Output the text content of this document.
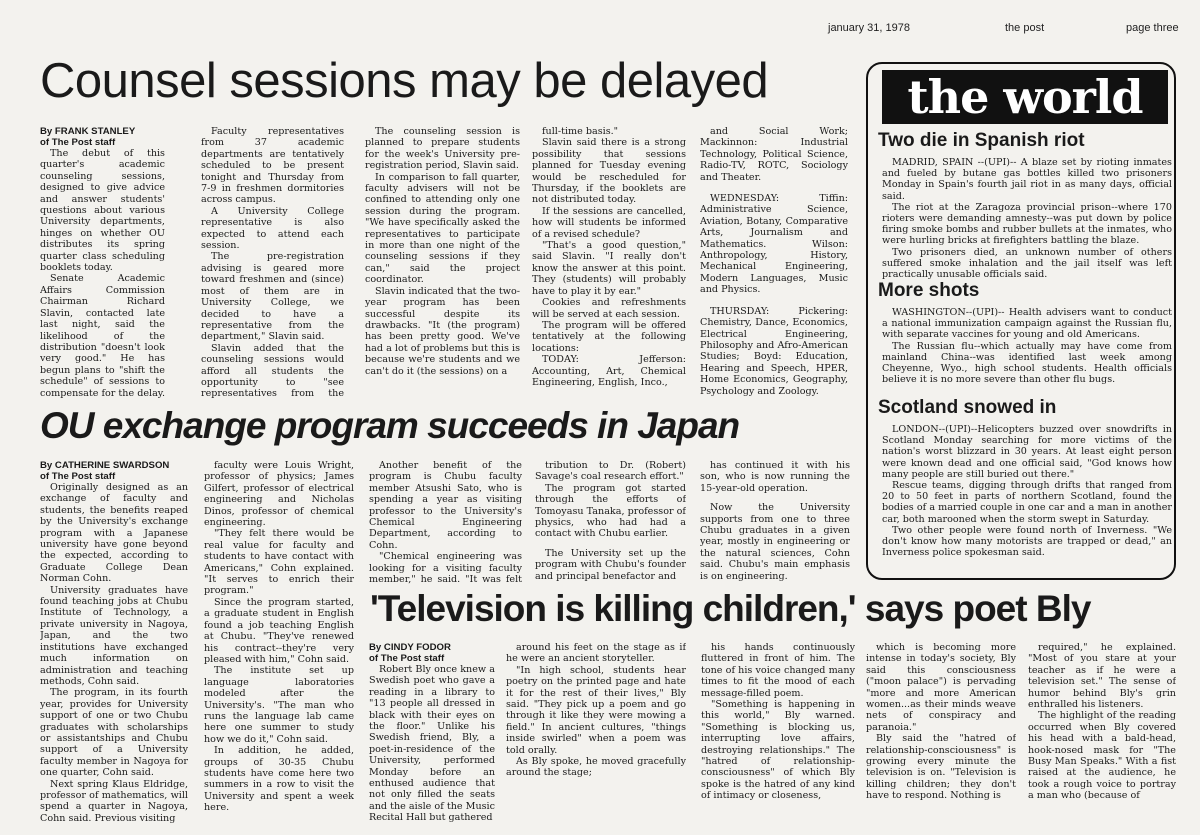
january 31, 1978	the post	page three
Counsel sessions may be delayed

By FRANK STANLEY

of The Post staff

The debut of this quarter's academic counseling sessions, designed to give advice and answer students' questions about various University departments, hinges on whether OU distributes its spring quarter class scheduling booklets today.

Senate Academic Affairs Commission Chairman Richard Slavin, contacted late last night, said the likelihood of the distribution "doesn't look very good." He has begun plans to "shift the schedule" of sessions to compensate for the delay.

Faculty representatives from 37 academic departments are tentatively scheduled to be present tonight and Thursday from 7-9 in freshmen dormitories across campus.

A University College representative is also expected to attend each session.

The pre-registration advising is geared more toward freshmen and (since) most of them are in University College, we decided to have a representative from the department," Slavin said.

Slavin added that the counseling sessions would afford all students the opportunity to "see representatives from the

The counseling session is planned to prepare students for the week's University pre-registration period, Slavin said.

In comparison to fall quarter, faculty advisers will not be confined to attending only one session during the program. "We have specifically asked the representatives to participate in more than one night of the counseling sessions if they can," said the project coordinator.

Slavin indicated that the two-year program has been successful despite its drawbacks. "It (the program) has been pretty good. We've had a lot of problems but this is because we're students and we can't do it (the sessions) on a

full-time basis."

Slavin said there is a strong possibility that sessions planned for Tuesday evening would be rescheduled for Thursday, if the booklets are not distributed today.

If the sessions are cancelled, how will students be informed of a revised schedule?

"That's a good question," said Slavin. "I really don't know the answer at this point. They (students) will probably have to play it by ear."

Cookies and refreshments will be served at each session.

The program will be offered tentatively at the following locations:

TODAY: Jefferson: Accounting, Art, Chemical Engineering, English, Inco.,

and Social Work; Mackinnon: Industrial Technology, Political Science, Radio-TV, ROTC, Sociology and Theater.

WEDNESDAY: Tiffin: Administrative Science, Aviation, Botany, Comparative Arts, Journalism and Mathematics. Wilson: Anthropology, History, Mechanical Engineering, Modern Languages, Music and Physics.

THURSDAY: Pickering: Chemistry, Dance, Economics, Electrical Engineering, Philosophy and Afro-American Studies; Boyd: Education, Hearing and Speech, HPER, Home Economics, Geography, Psychology and Zoology.

the world
Two die in Spanish riot

MADRID, SPAIN --(UPI)-- A blaze set by rioting inmates and fueled by butane gas bottles killed two prisoners Monday in Spain's fourth jail riot in as many days, official said.

The riot at the Zaragoza provincial prison--where 170 rioters were demanding amnesty--was put down by police firing smoke bombs and rubber bullets at the inmates, who were hurling bricks at firefighters battling the blaze.

Two prisoners died, an unknown number of others suffered smoke inhalation and the jail itself was left practically unusable officials said.

More shots

WASHINGTON--(UPI)-- Health advisers want to conduct a national immunization campaign against the Russian flu, with separate vaccines for young and old Americans.

The Russian flu--which actually may have come from mainland China--was identified last week among Cheyenne, Wyo., high school students. Health officials believe it is no more severe than other flu bugs.

Scotland snowed in

LONDON--(UPI)--Helicopters buzzed over snowdrifts in Scotland Monday searching for more victims of the nation's worst blizzard in 30 years. At least eight person were known dead and one official said, "God knows how many people are still buried out there."

Rescue teams, digging through drifts that ranged from 20 to 50 feet in parts of northern Scotland, found the bodies of a married couple in one car and a man in another car, both marooned when the storm swept in Saturday.

Two other people were found north of Inverness. "We don't know how many motorists are trapped or dead," an Inverness police spokesman said.

OU exchange program succeeds in Japan

By CATHERINE SWARDSON

of The Post staff

Originally designed as an exchange of faculty and students, the benefits reaped by the University's exchange program with a Japanese university have gone beyond the expected, according to Graduate College Dean Norman Cohn.

University graduates have found teaching jobs at Chubu Institute of Technology, a private university in Nagoya, Japan, and the two institutions have exchanged much information on administration and teaching methods, Cohn said.

The program, in its fourth year, provides for University support of one or two Chubu graduates with scholarships or assistantships and Chubu support of a University faculty member in Nagoya for one quarter, Cohn said.

Next spring Klaus Eldridge, professor of mathematics, will spend a quarter in Nagoya, Cohn said. Previous visiting

faculty were Louis Wright, professor of physics; James Gilfert, professor of electrical engineering and Nicholas Dinos, professor of chemical engineering.

"They felt there would be real value for faculty and students to have contact with Americans," Cohn explained. "It serves to enrich their program."

Since the program started, a graduate student in English found a job teaching English at Chubu. "They've renewed his contract--they're very pleased with him," Cohn said.

The institute set up language laboratories modeled after the University's. "The man who runs the language lab came here one summer to study how we do it," Cohn said.

In addition, he added, groups of 30-35 Chubu students have come here two summers in a row to visit the University and spent a week here.

Another benefit of the program is Chubu faculty member Atsushi Sato, who is spending a year as visiting professor to the University's Chemical Engineering Department, according to Cohn.

"Chemical engineering was looking for a visiting faculty member," he said. "It was felt

tribution to Dr. (Robert) Savage's coal research effort."

The program got started through the efforts of Tomoyasu Tanaka, professor of physics, who had had a contact with Chubu earlier.

The University set up the program with Chubu's founder and principal benefactor and

has continued it with his son, who is now running the 15-year-old operation.

Now the University supports from one to three Chubu graduates in a given year, mostly in engineering or the natural sciences, Cohn said. Chubu's main emphasis is on engineering.

'Television is killing children,' says poet Bly

By CINDY FODOR

of The Post staff

Robert Bly once knew a Swedish poet who gave a reading in a library to "13 people all dressed in black with their eyes on the floor." Unlike his Swedish friend, Bly, a poet-in-residence of the University, performed Monday before an enthused audience that not only filled the seats and the aisle of the Music Recital Hall but gathered

around his feet on the stage as if he were an ancient storyteller.

"In high school, students hear poetry on the printed page and hate it for the rest of their lives," Bly said. "They pick up a poem and go through it like they were mowing a field." In ancient cultures, "things inside swirled" when a poem was told orally.

As Bly spoke, he moved gracefully around the stage;

his hands continuously fluttered in front of him. The tone of his voice changed many times to fit the mood of each message-filled poem.

"Something is happening in this world," Bly warned. "Something is blocking us, interrupting love affairs, destroying relationships." The "hatred of relationship-consciousness" of which Bly spoke is the hatred of any kind of intimacy or closeness,

which is becoming more intense in today's society, Bly said this consciousness ("moon palace") is pervading "more and more American women...as their minds weave nets of conspiracy and paranoia."

Bly said the "hatred of relationship-consciousness" is growing every minute the television is on. "Television is killing children; they don't have to respond. Nothing is

required," he explained. "Most of you stare at your teacher as if he were a television set." The sense of humor behind Bly's grin enthralled his listeners.

The highlight of the reading occurred when Bly covered his head with a bald-head, hook-nosed mask for "The Busy Man Speaks." With a fist raised at the audience, he took a rough voice to portray a man who (because of
